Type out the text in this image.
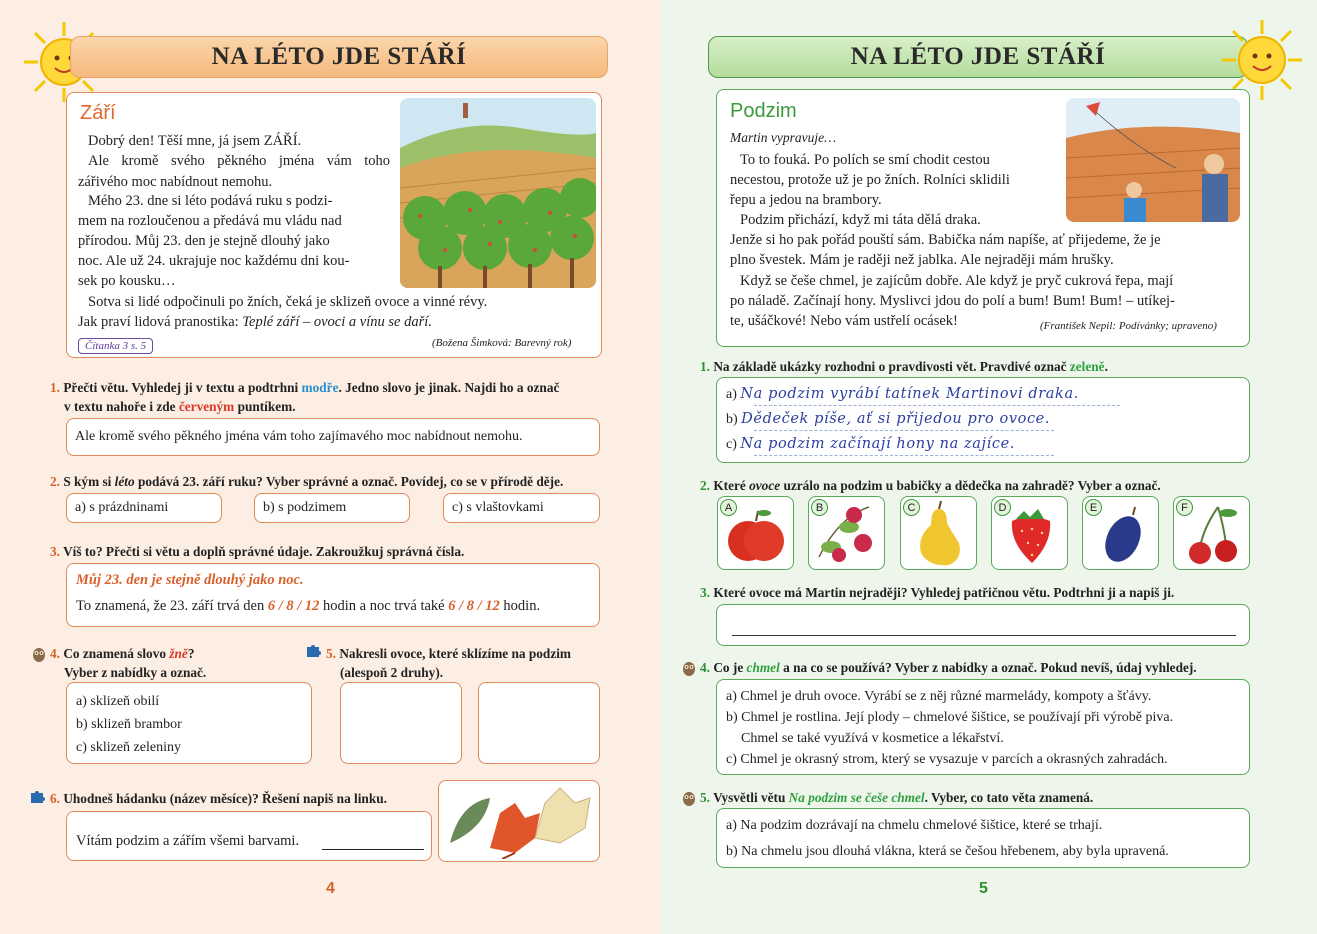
NA LÉTO JDE STÁŘÍ
Září
Dobrý den! Těší mne, já jsem ZÁŘÍ.
Ale kromě svého pěkného jména vám toho zářivého moc nabídnout nemohu.
Mého 23. dne si léto podává ruku s podzi-
mem na rozloučenou a předává mu vládu nad
přírodou. Můj 23. den je stejně dlouhý jako
noc. Ale už 24. ukrajuje noc každému dni kou-
sek po kousku…
Sotva si lidé odpočinuli po žních, čeká je sklizeň ovoce a vinné révy.
Jak praví lidová pranostika: Teplé září – ovoci a vínu se daří.
Čítanka 3 s. 5	(Božena Šimková: Barevný rok)
1. Přečti větu. Vyhledej ji v textu a podtrhni modře. Jedno slovo je jinak. Najdi ho a označ
v textu nahoře i zde červeným puntíkem.
Ale kromě svého pěkného jména vám toho zajímavého moc nabídnout nemohu.
2. S kým si léto podává 23. září ruku? Vyber správné a označ. Povídej, co se v přírodě děje.
a) s prázdninami	b) s podzimem	c) s vlaštovkami
3. Víš to? Přečti si větu a doplň správné údaje. Zakroužkuj správná čísla.
Můj 23. den je stejně dlouhý jako noc.
To znamená, že 23. září trvá den 6 / 8 / 12 hodin a noc trvá také 6 / 8 / 12 hodin.
4. Co znamená slovo žně?
Vyber z nabídky a označ.
a) sklizeň obilí
b) sklizeň brambor
c) sklizeň zeleniny
5. Nakresli ovoce, které sklízíme na podzim
(alespoň 2 druhy).
6. Uhodneš hádanku (název měsíce)? Řešení napiš na linku.
Vítám podzim a zářím všemi barvami.
4
NA LÉTO JDE STÁŘÍ
Podzim
Martin vypravuje…
To to fouká. Po polích se smí chodit cestou
necestou, protože už je po žních. Rolníci sklidili
řepu a jedou na brambory.
Podzim přichází, když mi táta dělá draka.
Jenže si ho pak pořád pouští sám. Babička nám napíše, ať přijedeme, že je
plno švestek. Mám je raději než jablka. Ale nejraději mám hrušky.
Když se češe chmel, je zajícům dobře. Ale když je pryč cukrová řepa, mají
po náladě. Začínají hony. Myslivci jdou do polí a bum! Bum! Bum! – utíkej-
te, ušáčkové! Nebo vám ustřelí ocásek!	(František Nepil: Podívánky; upraveno)
1. Na základě ukázky rozhodni o pravdivosti vět. Pravdivé označ zeleně.
a) Na podzim vyrábí tatínek Martinovi draka.
b) Dědeček píše, ať si přijedou pro ovoce.
c) Na podzim začínají hony na zajíce.
2. Které ovoce uzrálo na podzim u babičky a dědečka na zahradě? Vyber a označ.
A	B	C	D	E	F
3. Které ovoce má Martin nejraději? Vyhledej patřičnou větu. Podtrhni ji a napiš ji.
4. Co je chmel a na co se používá? Vyber z nabídky a označ. Pokud nevíš, údaj vyhledej.
a) Chmel je druh ovoce. Vyrábí se z něj různé marmelády, kompoty a šťávy.
b) Chmel je rostlina. Její plody – chmelové šištice, se používají při výrobě piva.
Chmel se také využívá v kosmetice a lékařství.
c) Chmel je okrasný strom, který se vysazuje v parcích a okrasných zahradách.
5. Vysvětli větu Na podzim se češe chmel. Vyber, co tato věta znamená.
a) Na podzim dozrávají na chmelu chmelové šištice, které se trhají.
b) Na chmelu jsou dlouhá vlákna, která se češou hřebenem, aby byla upravená.
5
